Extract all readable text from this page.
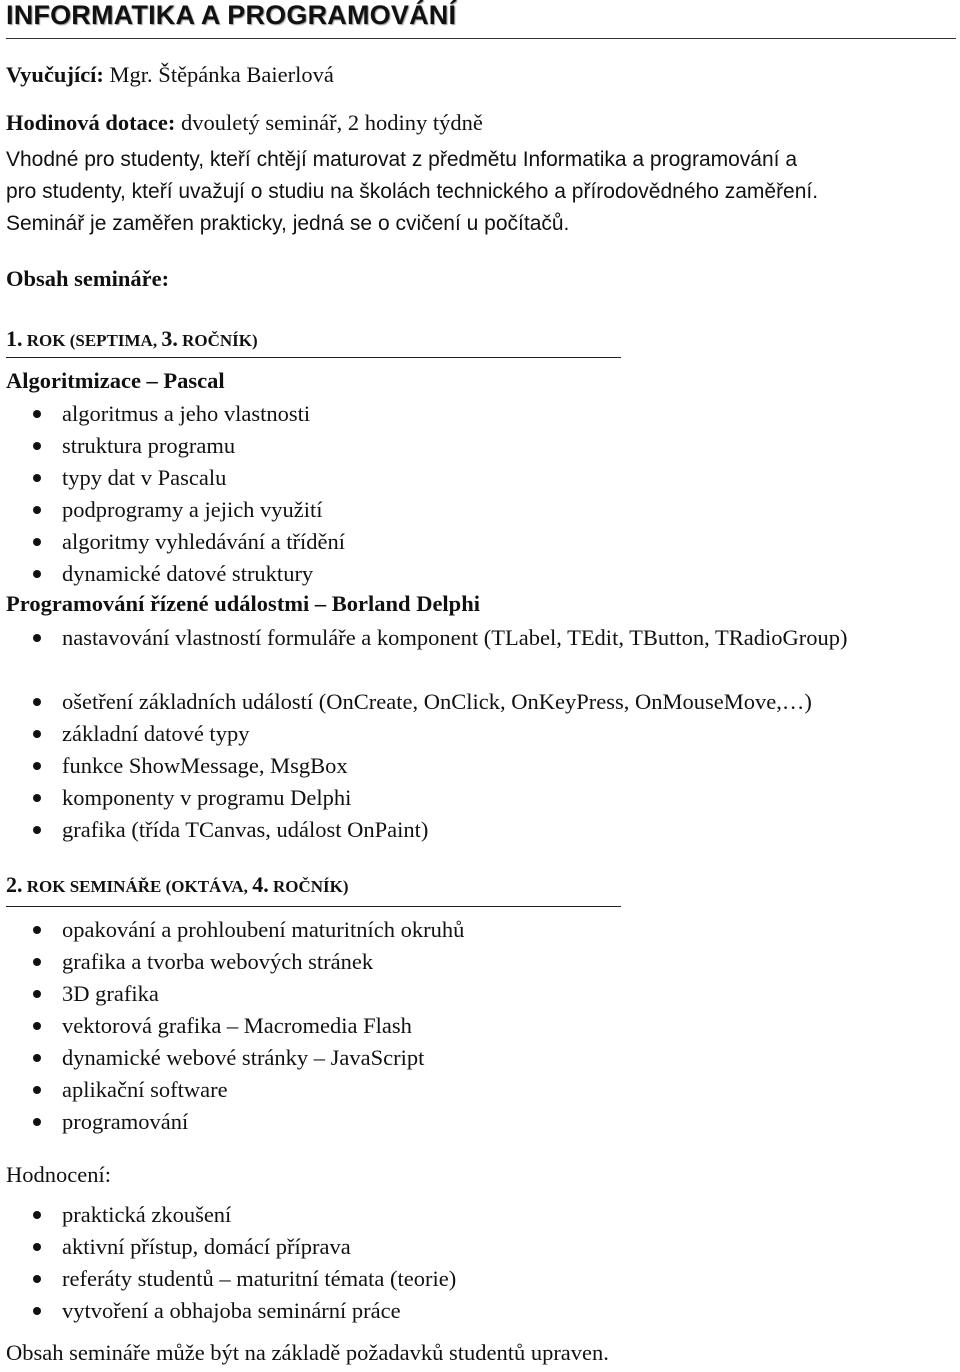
INFORMATIKA A PROGRAMOVÁNÍ
Vyučující: Mgr. Štěpánka Baierlová
Hodinová dotace: dvouletý seminář, 2 hodiny týdně
Vhodné pro studenty, kteří chtějí maturovat z předmětu Informatika a programování a
pro studenty, kteří uvažují o studiu na školách technického a přírodovědného zaměření.
Seminář je zaměřen prakticky, jedná se o cvičení u počítačů.
Obsah semináře:
1. ROK (SEPTIMA, 3. ROČNÍK)
Algoritmizace – Pascal
algoritmus a jeho vlastnosti
struktura programu
typy dat v Pascalu
podprogramy a jejich využití
algoritmy vyhledávání a třídění
dynamické datové struktury
Programování řízené událostmi – Borland Delphi
nastavování vlastností formuláře a komponent (TLabel, TEdit, TButton, TRadioGroup)
ošetření základních událostí (OnCreate, OnClick, OnKeyPress, OnMouseMove,…)
základní datové typy
funkce ShowMessage, MsgBox
komponenty v programu Delphi
grafika (třída TCanvas, událost OnPaint)
2. ROK SEMINÁŘE (OKTÁVA, 4. ROČNÍK)
opakování a prohloubení maturitních okruhů
grafika a tvorba webových stránek
3D grafika
vektorová grafika – Macromedia Flash
dynamické webové stránky – JavaScript
aplikační software
programování
Hodnocení:
praktická zkoušení
aktivní přístup, domácí příprava
referáty studentů – maturitní témata (teorie)
vytvoření a obhajoba seminární práce
Obsah semináře může být na základě požadavků studentů upraven.
